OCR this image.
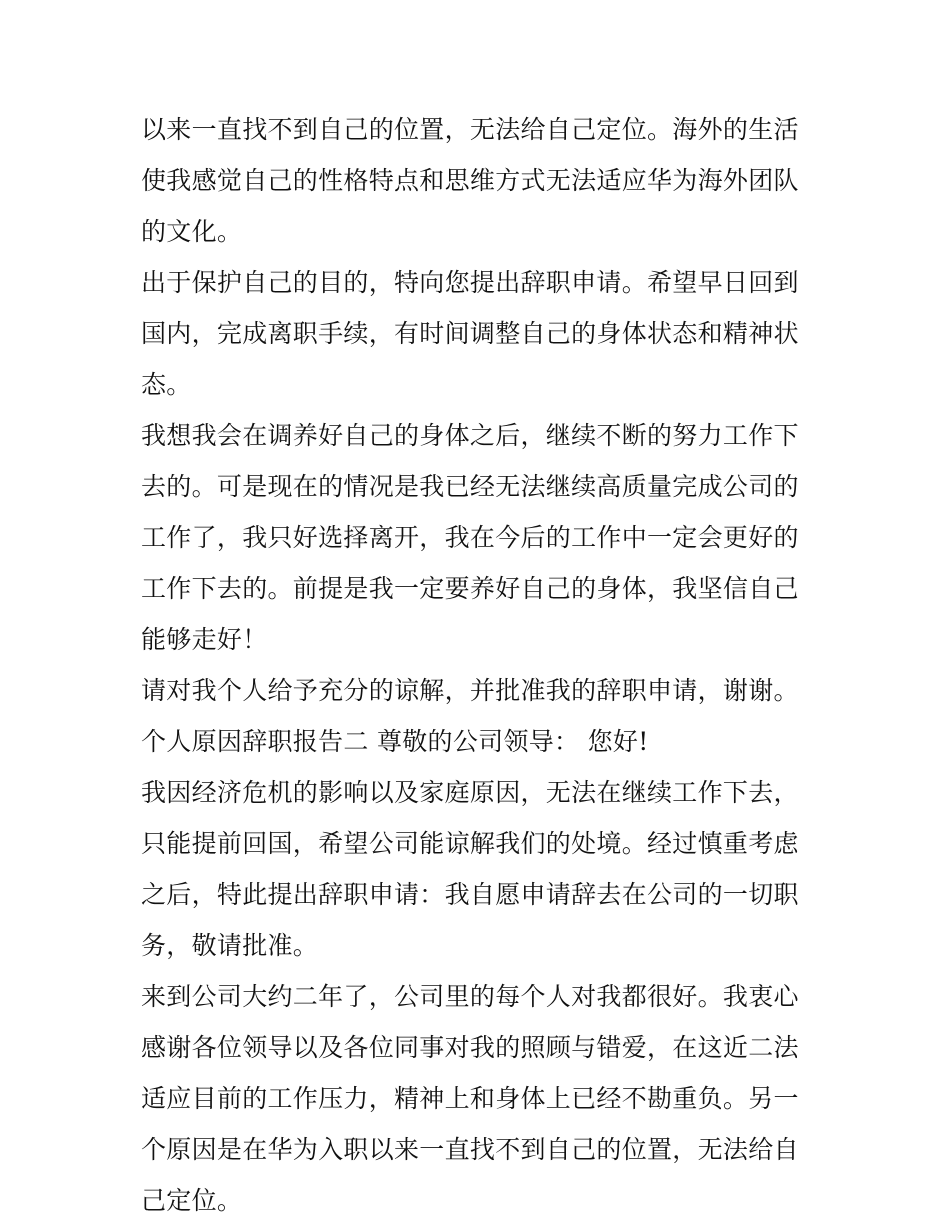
以来一直找不到自己的位置，无法给自己定位。海外的生活使我感觉自己的性格特点和思维方式无法适应华为海外团队的文化。

出于保护自己的目的，特向您提出辞职申请。希望早日回到国内，完成离职手续，有时间调整自己的身体状态和精神状态。

我想我会在调养好自己的身体之后，继续不断的努力工作下去的。可是现在的情况是我已经无法继续高质量完成公司的工作了，我只好选择离开，我在今后的工作中一定会更好的工作下去的。前提是我一定要养好自己的身体，我坚信自己能够走好！

请对我个人给予充分的谅解，并批准我的辞职申请，谢谢。

个人原因辞职报告二 尊敬的公司领导： 您好!

我因经济危机的影响以及家庭原因，无法在继续工作下去，只能提前回国，希望公司能谅解我们的处境。经过慎重考虑之后，特此提出辞职申请：我自愿申请辞去在公司的一切职务，敬请批准。

来到公司大约二年了，公司里的每个人对我都很好。我衷心感谢各位领导以及各位同事对我的照顾与错爱，在这近二法适应目前的工作压力，精神上和身体上已经不勘重负。另一个原因是在华为入职以来一直找不到自己的位置，无法给自己定位。
